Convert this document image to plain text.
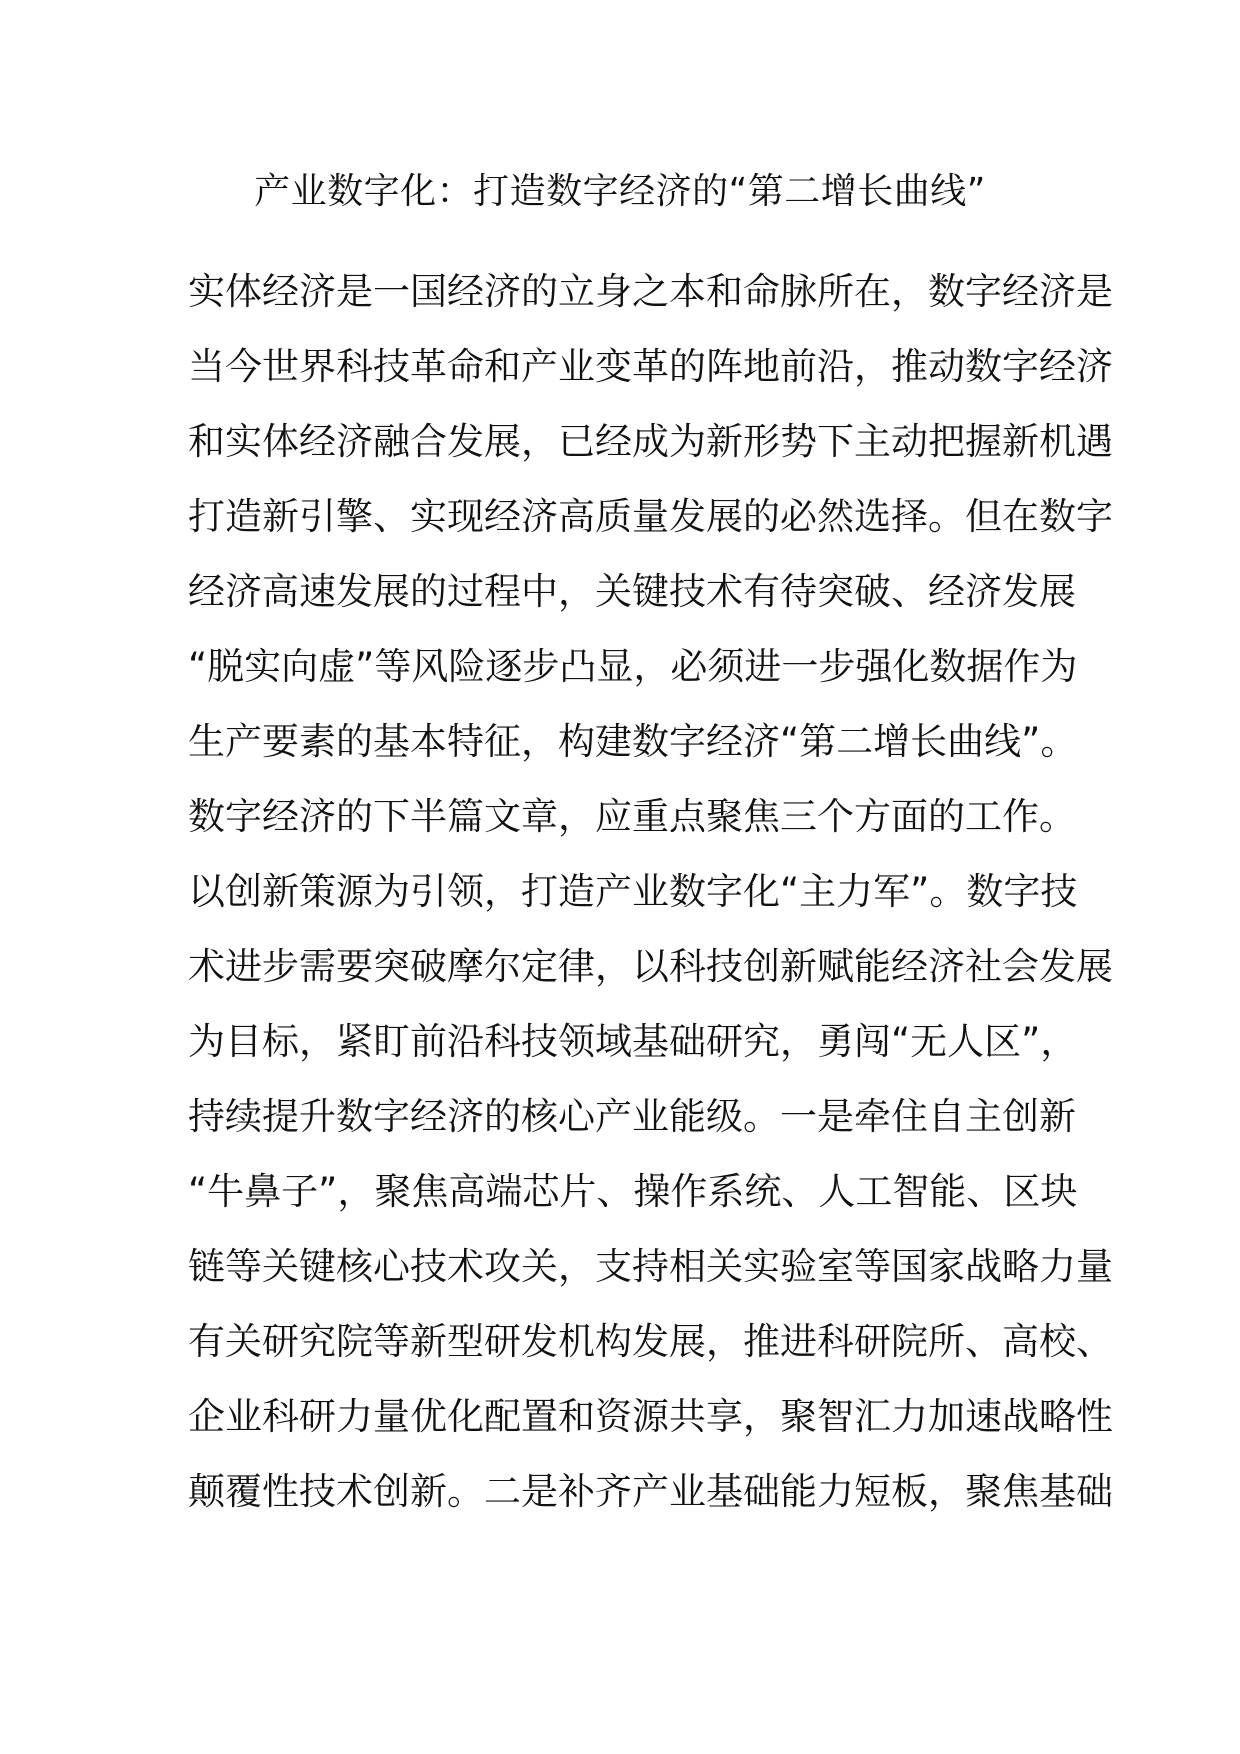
产业数字化：打造数字经济的“第二增长曲线”
实体经济是一国经济的立身之本和命脉所在，数字经济是
当今世界科技革命和产业变革的阵地前沿，推动数字经济
和实体经济融合发展，已经成为新形势下主动把握新机遇
打造新引擎、实现经济高质量发展的必然选择。但在数字
经济高速发展的过程中，关键技术有待突破、经济发展
“脱实向虚”等风险逐步凸显，必须进一步强化数据作为
生产要素的基本特征，构建数字经济“第二增长曲线”。
数字经济的下半篇文章，应重点聚焦三个方面的工作。
以创新策源为引领，打造产业数字化“主力军”。数字技
术进步需要突破摩尔定律，以科技创新赋能经济社会发展
为目标，紧盯前沿科技领域基础研究，勇闯“无人区”，
持续提升数字经济的核心产业能级。一是牵住自主创新
“牛鼻子”，聚焦高端芯片、操作系统、人工智能、区块
链等关键核心技术攻关，支持相关实验室等国家战略力量
有关研究院等新型研发机构发展，推进科研院所、高校、
企业科研力量优化配置和资源共享，聚智汇力加速战略性
颠覆性技术创新。二是补齐产业基础能力短板，聚焦基础
